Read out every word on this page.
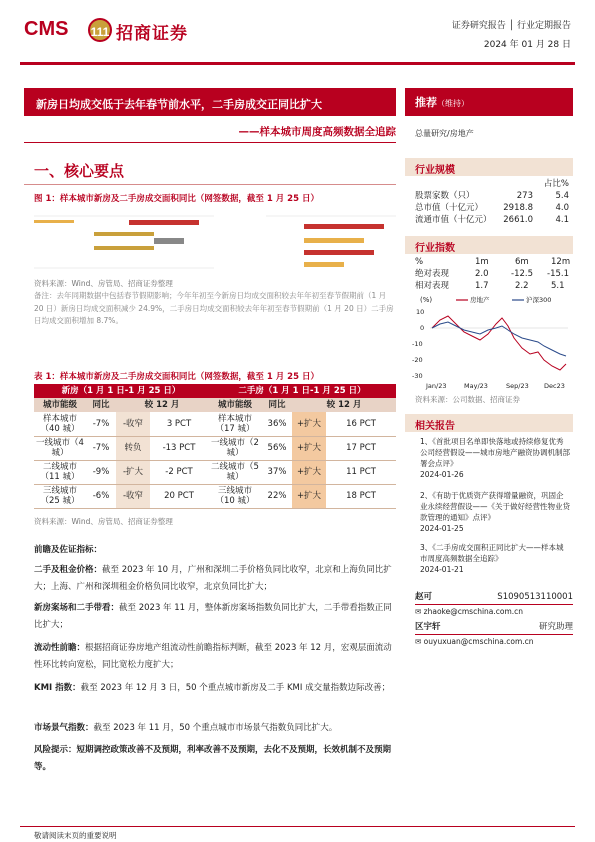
CMS 111 招商证券	证券研究报告 │ 行业定期报告
2024 年 01 月 28 日
新房日均成交低于去年春节前水平，二手房成交正同比扩大
——样本城市周度高频数据全追踪
一、核心要点
图 1：样本城市新房及二手房成交面积同比（网签数据，截至 1 月 25 日）
资料来源：Wind、房管局、招商证券整理
备注：去年同期数据中包括春节假期影响；今年年初至今新房日均成交面积较去年年初至春节假期前（1 月 20 日）新房日均成交面积减少 24.9%，二手房日均成交面积较去年年初至春节假期前（1 月 20 日）二手房日均成交面积增加 8.7%。
表 1：样本城市新房及二手房成交面积同比（网签数据，截至 1 月 25 日）
新房（1 月 1 日-1 月 25 日）				二手房（1 月 1 日-1 月 25 日）			
城市能级	同比	较 12 月		城市能级	同比	较 12 月	
样本城市（40 城）	-7%	-收窄	3 PCT	样本城市（17 城）	36%	+扩大	16 PCT
一线城市（4 城）	-7%	转负	-13 PCT	一线城市（2 城）	56%	+扩大	17 PCT
二线城市（11 城）	-9%	-扩大	-2 PCT	二线城市（5 城）	37%	+扩大	11 PCT
三线城市（25 城）	-6%	-收窄	20 PCT	三线城市（10 城）	22%	+扩大	18 PCT
资料来源：Wind、房管局、招商证券整理
前瞻及佐证指标：
二手及租金价格：截至 2023 年 10 月，广州和深圳二手价格负同比收窄，北京和上海负同比扩大；上海、广州和深圳租金价格负同比收窄，北京负同比扩大；
新房案场和二手带看：截至 2023 年 11 月，整体新房案场指数负同比扩大，二手带看指数正同比扩大；
流动性前瞻：根据招商证券房地产组流动性前瞻指标判断，截至 2023 年 12 月，宏观层面流动性环比转向宽松，同比宽松力度扩大；
KMI 指数：截至 2023 年 12 月 3 日，50 个重点城市新房及二手 KMI 成交量指数边际改善；
市场景气指数：截至 2023 年 11 月，50 个重点城市市场景气指数负同比扩大。
风险提示：短期调控政策改善不及预期，利率改善不及预期，去化不及预期，长效机制不及预期等。
推荐（维持）
总量研究/房地产
行业规模
占比%
股票家数（只）	273	5.4
总市值（十亿元） 2918.8	4.0
流通市值（十亿元） 2661.0	4.1
行业指数
%	1m	6m	12m
绝对表现	2.0	-12.5 -15.1
相对表现	1.7	2.2	5.1
(%)	房地产	沪深300
10
0
-10
-20
-30
Jan/23	May/23	Sep/23 Dec23
资料来源：公司数据、招商证券
相关报告
1、《首批项目名单即快落地或持续修复优秀公司经营假设——城市房地产融资协调机制部署会点评》
2024-01-26
2、《有助于优质资产获得增量融资，巩固企业永续经营假设——《关于做好经营性物业贷款管理的通知》点评》
2024-01-25
3、《二手房成交面积正同比扩大——样本城市周度高频数据全追踪》
2024-01-21
赵可	S1090513110001
✉ zhaoke@cmschina.com.cn
区宇轩	研究助理
✉ ouyuxuan@cmschina.com.cn
敬请阅读末页的重要说明
